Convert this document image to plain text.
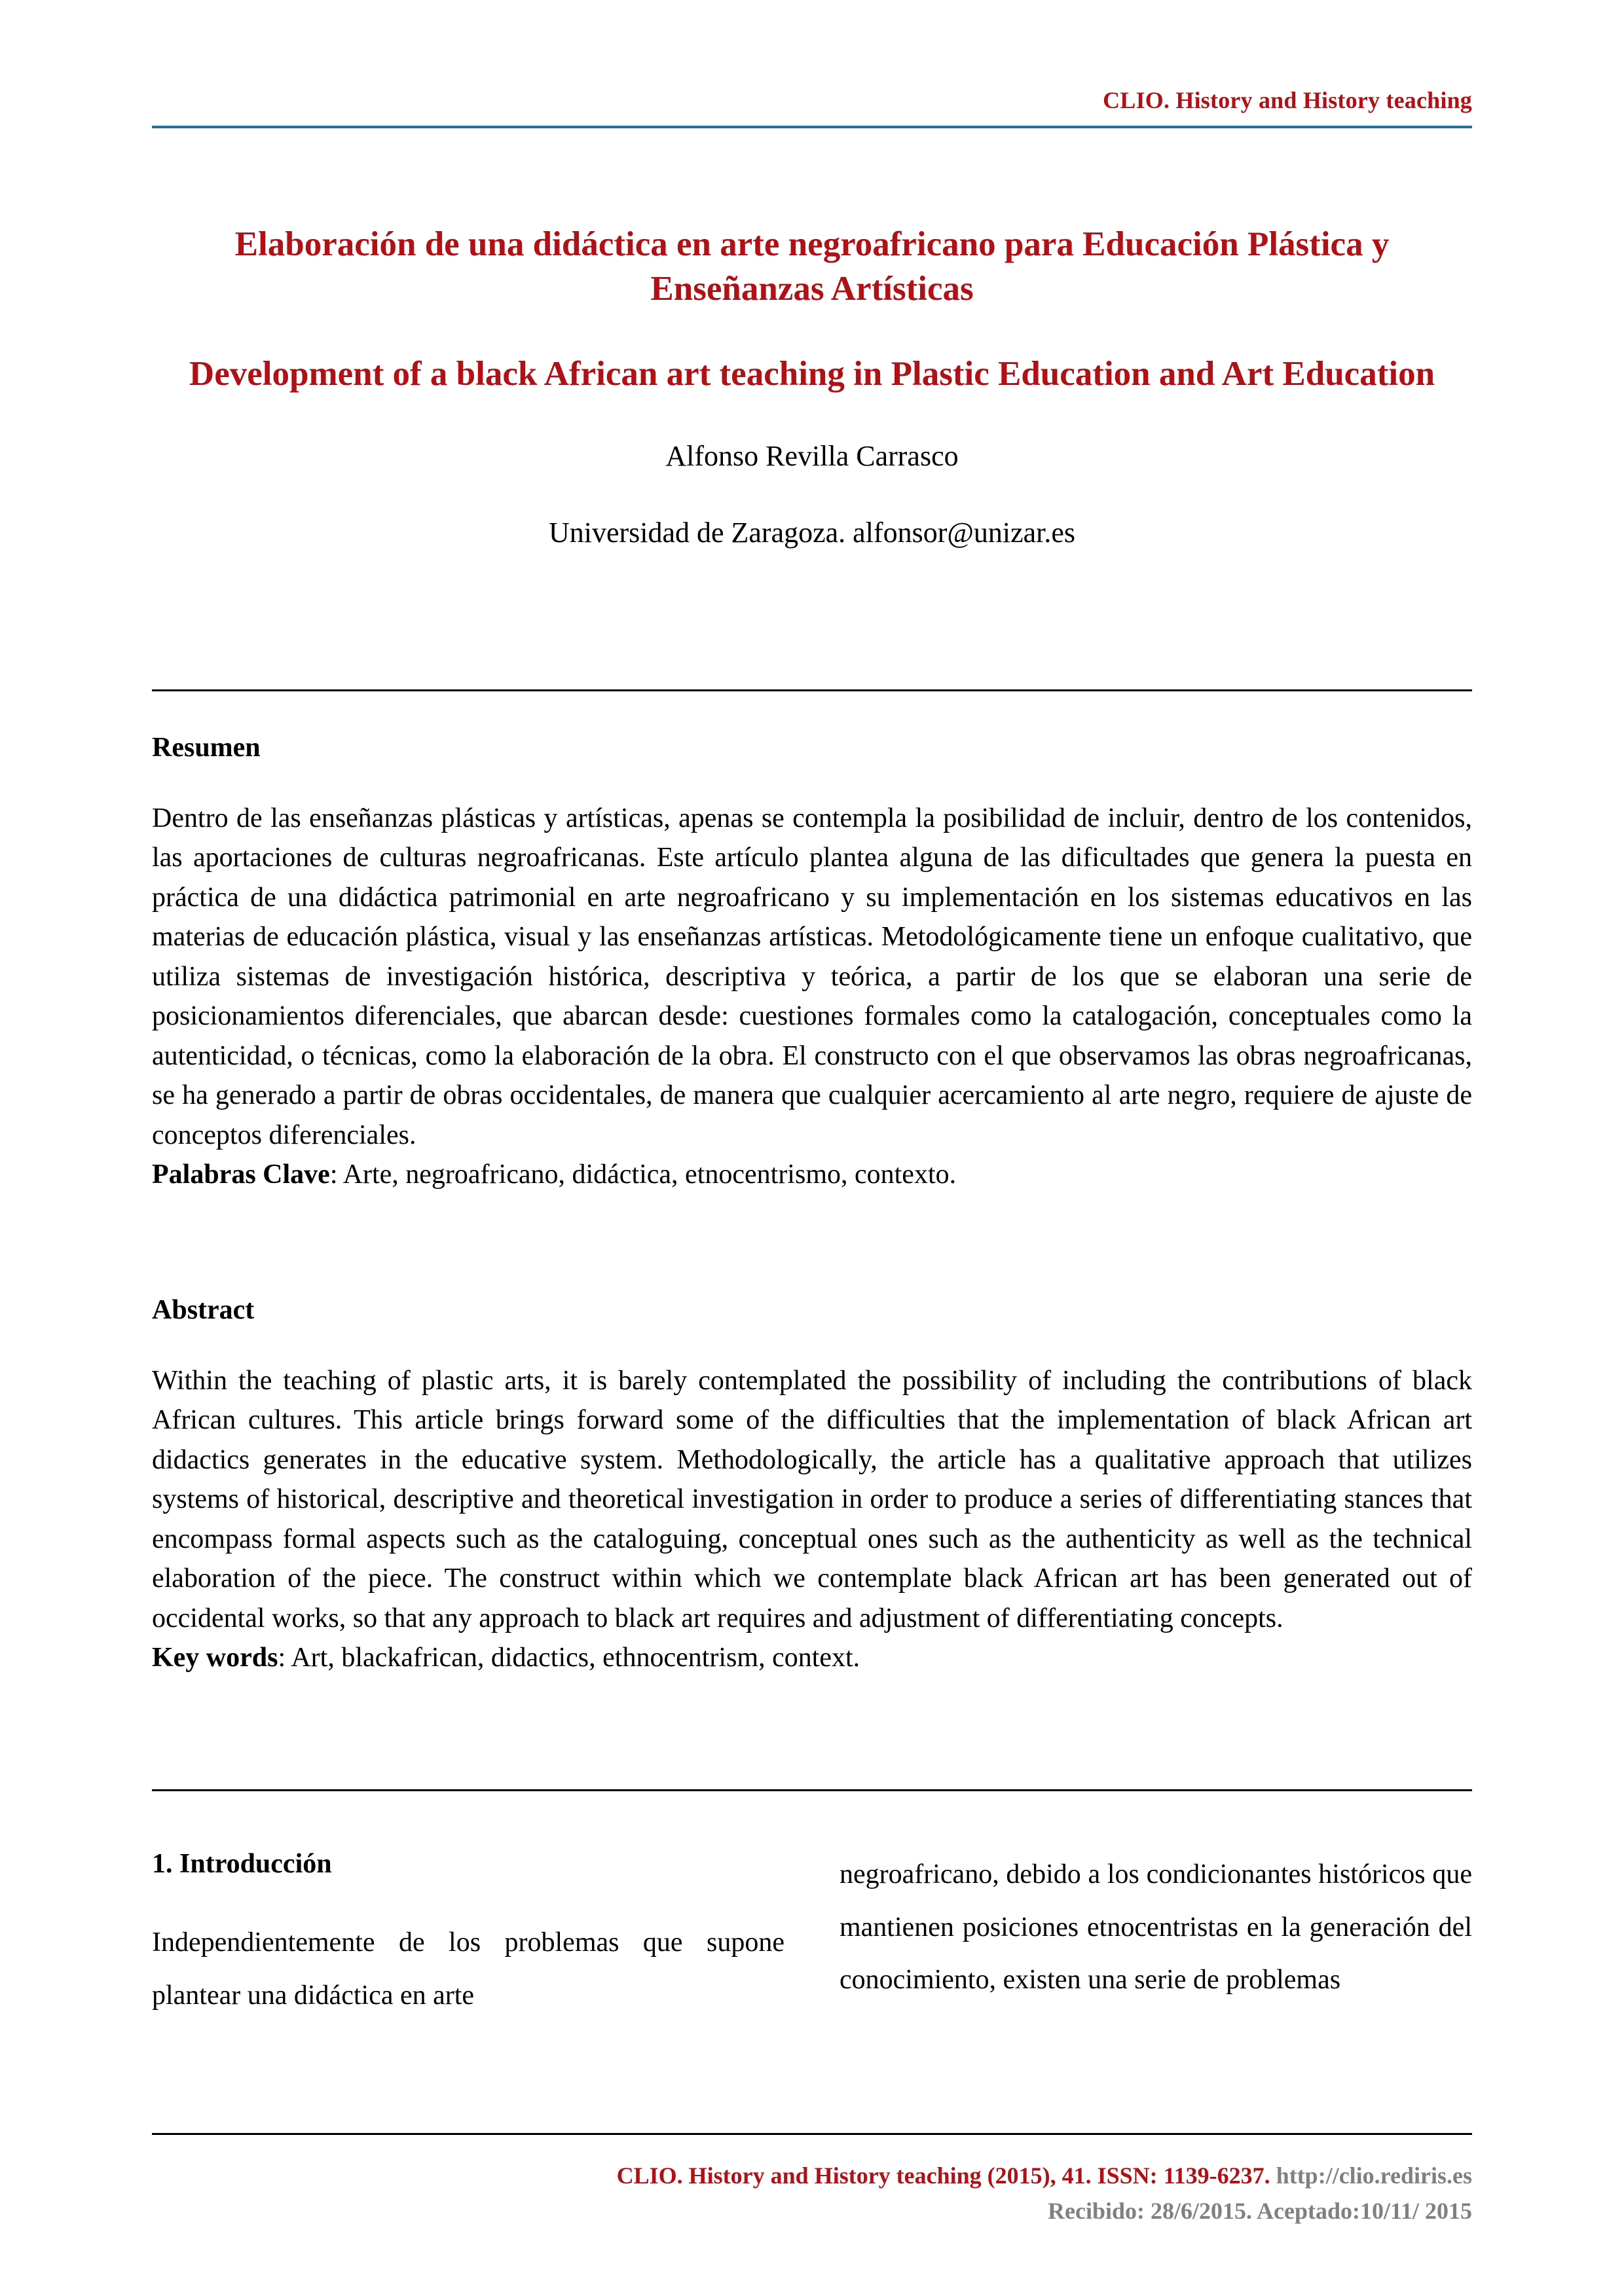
CLIO. History and History teaching
Elaboración de una didáctica en arte negroafricano para Educación Plástica y Enseñanzas Artísticas
Development of a black African art teaching in Plastic Education and Art Education
Alfonso Revilla Carrasco
Universidad de Zaragoza. alfonsor@unizar.es
Resumen

Dentro de las enseñanzas plásticas y artísticas, apenas se contempla la posibilidad de incluir, dentro de los contenidos, las aportaciones de culturas negroafricanas. Este artículo plantea alguna de las dificultades que genera la puesta en práctica de una didáctica patrimonial en arte negroafricano y su implementación en los sistemas educativos en las materias de educación plástica, visual y las enseñanzas artísticas. Metodológicamente tiene un enfoque cualitativo, que utiliza sistemas de investigación histórica, descriptiva y teórica, a partir de los que se elaboran una serie de posicionamientos diferenciales, que abarcan desde: cuestiones formales como la catalogación, conceptuales como la autenticidad, o técnicas, como la elaboración de la obra. El constructo con el que observamos las obras negroafricanas, se ha generado a partir de obras occidentales, de manera que cualquier acercamiento al arte negro, requiere de ajuste de conceptos diferenciales.

Palabras Clave: Arte, negroafricano, didáctica, etnocentrismo, contexto.

Abstract

Within the teaching of plastic arts, it is barely contemplated the possibility of including the contributions of black African cultures. This article brings forward some of the difficulties that the implementation of black African art didactics generates in the educative system. Methodologically, the article has a qualitative approach that utilizes systems of historical, descriptive and theoretical investigation in order to produce a series of differentiating stances that encompass formal aspects such as the cataloguing, conceptual ones such as the authenticity as well as the technical elaboration of the piece. The construct within which we contemplate black African art has been generated out of occidental works, so that any approach to black art requires and adjustment of differentiating concepts.

Key words: Art, blackafrican, didactics, ethnocentrism, context.

1. Introducción

Independientemente de los problemas que supone plantear una didáctica en arte

negroafricano, debido a los condicionantes históricos que mantienen posiciones etnocentristas en la generación del conocimiento, existen una serie de problemas

CLIO. History and History teaching (2015), 41. ISSN: 1139-6237. http://clio.rediris.es
Recibido: 28/6/2015. Aceptado:10/11/ 2015
